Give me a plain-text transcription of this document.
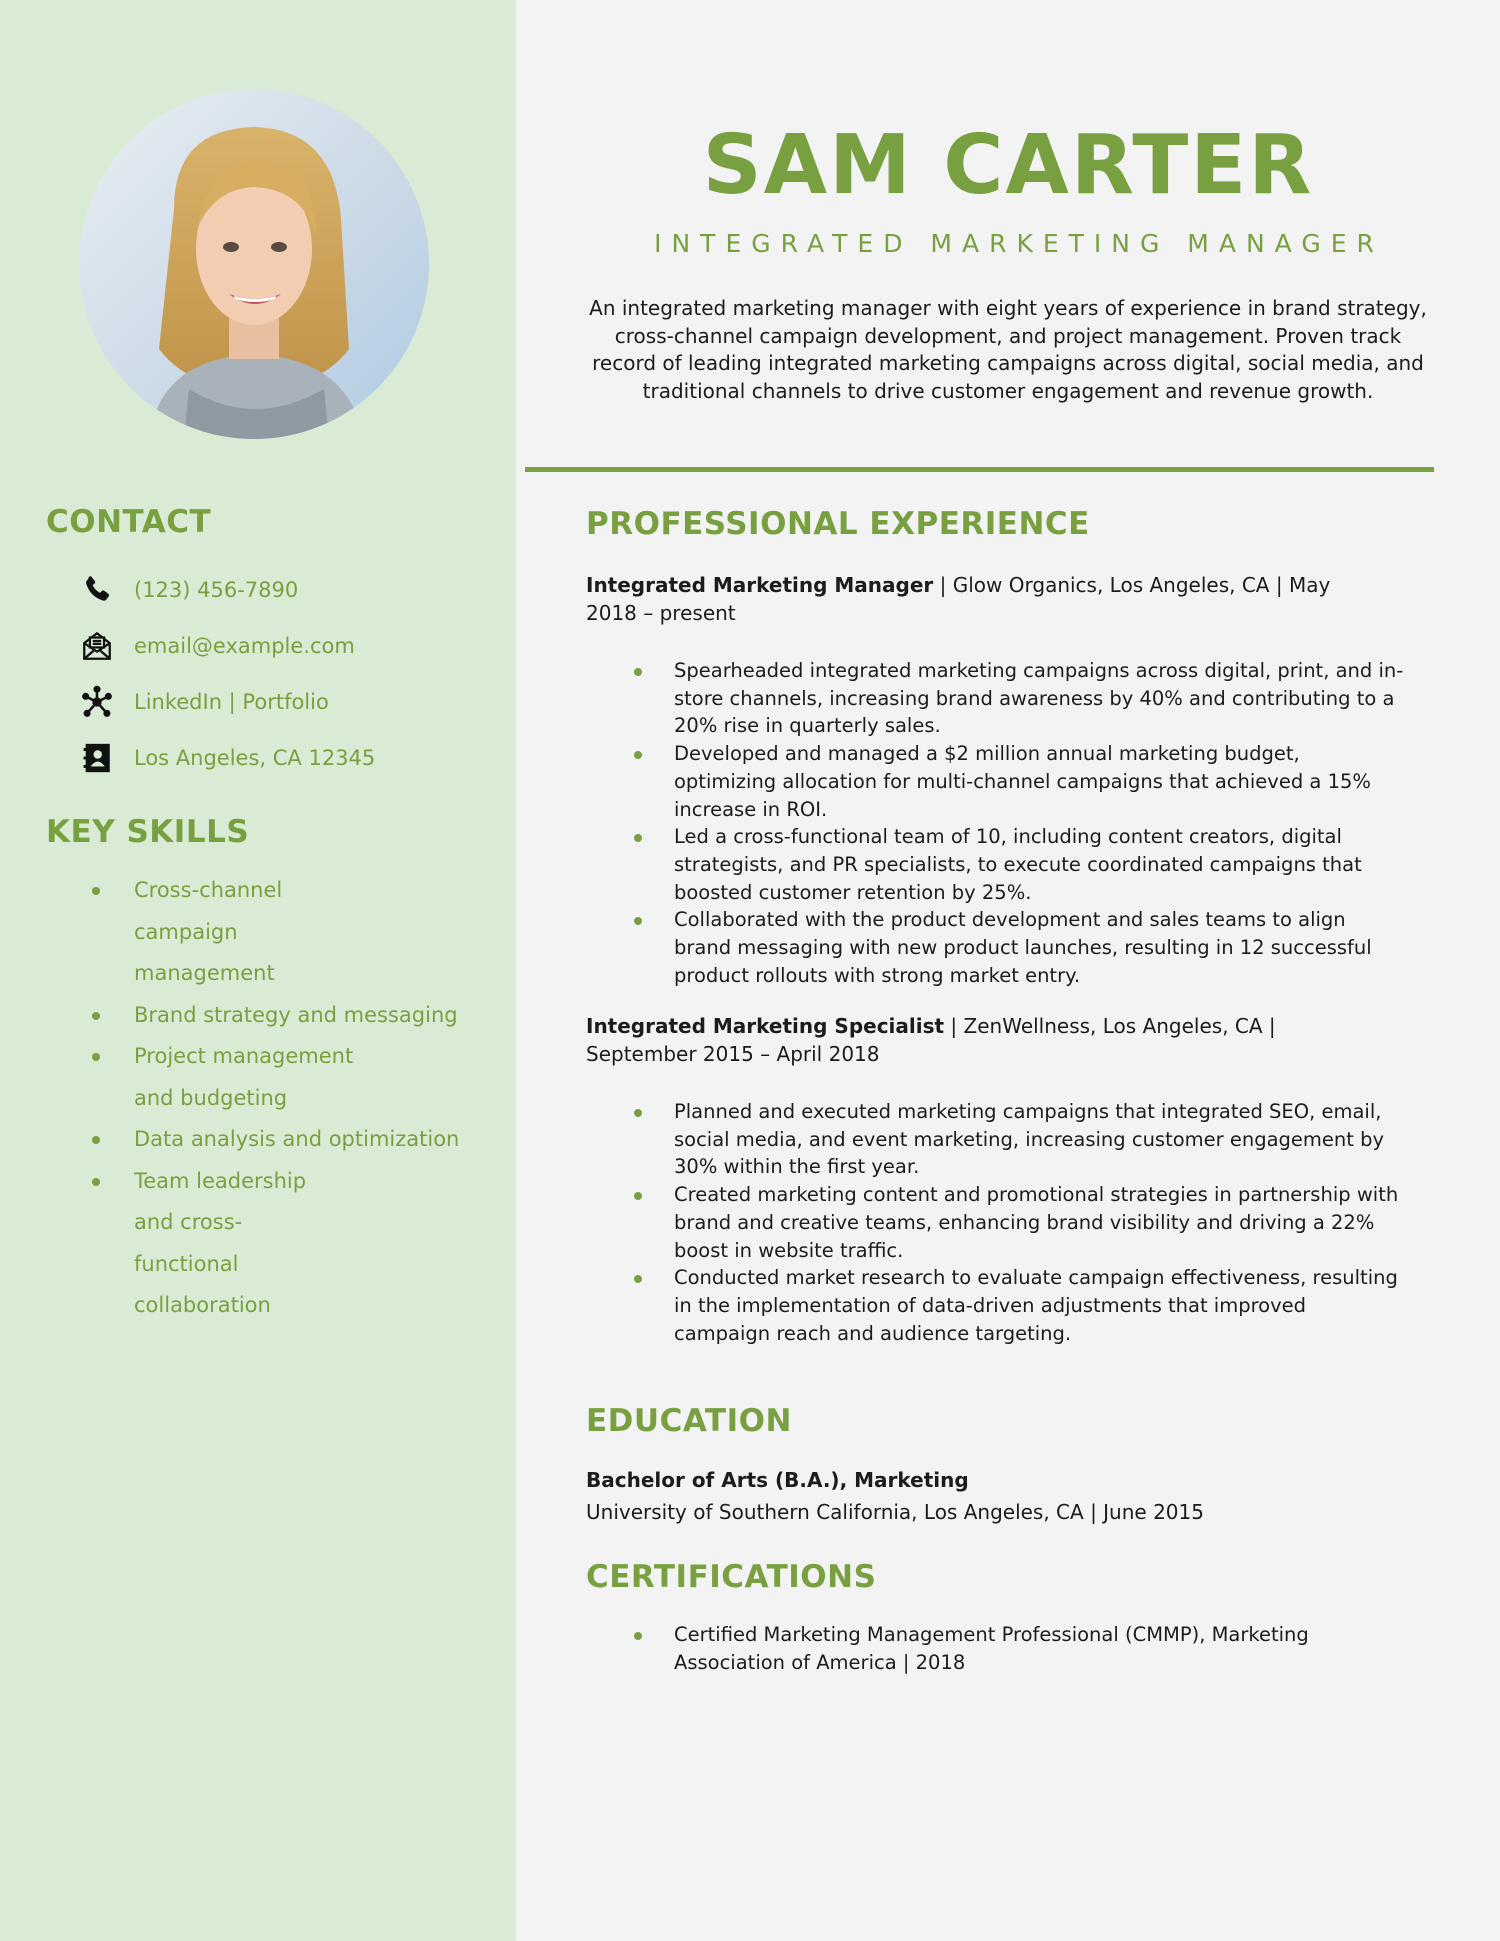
CONTACT
(123) 456-7890
email@example.com
LinkedIn | Portfolio
Los Angeles, CA 12345
KEY SKILLS
Cross-channel campaign management
Brand strategy and messaging
Project management and budgeting
Data analysis and optimization
Team leadership and cross-functional collaboration
SAM CARTER

INTEGRATED MARKETING MANAGER

An integrated marketing manager with eight years of experience in brand strategy, cross-channel campaign development, and project management. Proven track record of leading integrated marketing campaigns across digital, social media, and traditional channels to drive customer engagement and revenue growth.

PROFESSIONAL EXPERIENCE

Integrated Marketing Manager | Glow Organics, Los Angeles, CA | May 2018 – present

Spearheaded integrated marketing campaigns across digital, print, and in-store channels, increasing brand awareness by 40% and contributing to a 20% rise in quarterly sales.
Developed and managed a $2 million annual marketing budget, optimizing allocation for multi-channel campaigns that achieved a 15% increase in ROI.
Led a cross-functional team of 10, including content creators, digital strategists, and PR specialists, to execute coordinated campaigns that boosted customer retention by 25%.
Collaborated with the product development and sales teams to align brand messaging with new product launches, resulting in 12 successful product rollouts with strong market entry.

Integrated Marketing Specialist | ZenWellness, Los Angeles, CA | September 2015 – April 2018

Planned and executed marketing campaigns that integrated SEO, email, social media, and event marketing, increasing customer engagement by 30% within the first year.
Created marketing content and promotional strategies in partnership with brand and creative teams, enhancing brand visibility and driving a 22% boost in website traffic.
Conducted market research to evaluate campaign effectiveness, resulting in the implementation of data-driven adjustments that improved campaign reach and audience targeting.
EDUCATION

Bachelor of Arts (B.A.), Marketing

University of Southern California, Los Angeles, CA | June 2015

CERTIFICATIONS
Certified Marketing Management Professional (CMMP), Marketing Association of America | 2018
